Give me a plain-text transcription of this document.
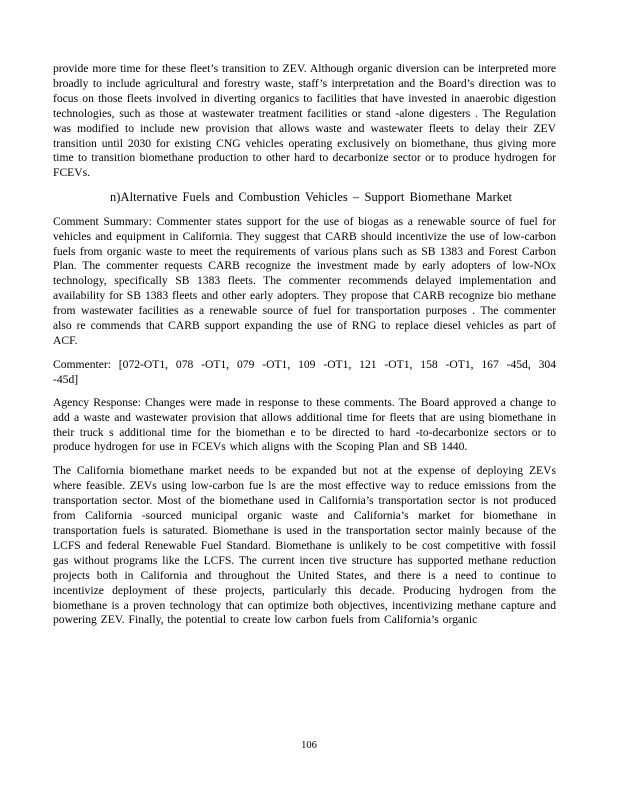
provide more time for these fleet’s transition to ZEV. Although organic diversion can be interpreted more broadly to include agricultural and forestry waste, staff’s interpretation and the Board’s direction was to focus on those fleets involved in diverting organics to facilities that have invested in anaerobic digestion technologies, such as those at wastewater treatment facilities or stand -alone digesters . The Regulation was modified to include new provision that allows waste and wastewater fleets to delay their ZEV transition until 2030 for existing CNG vehicles operating exclusively on biomethane, thus giving more time to transition biomethane production to other hard to decarbonize sector or to produce hydrogen for FCEVs.

n)Alternative Fuels and Combustion Vehicles – Support Biomethane Market

Comment Summary: Commenter states support for the use of biogas as a renewable source of fuel for vehicles and equipment in California. They suggest that CARB should incentivize the use of low-carbon fuels from organic waste to meet the requirements of various plans such as SB 1383 and Forest Carbon Plan. The commenter requests CARB recognize the investment made by early adopters of low-NOx technology, specifically SB 1383 fleets. The commenter recommends delayed implementation and availability for SB 1383 fleets and other early adopters. They propose that CARB recognize bio methane from wastewater facilities as a renewable source of fuel for transportation purposes . The commenter also re commends that CARB support expanding the use of RNG to replace diesel vehicles as part of ACF.

Commenter: [072-OT1, 078 -OT1, 079 -OT1, 109 -OT1, 121 -OT1, 158 -OT1, 167 -45d, 304 -45d]

Agency Response: Changes were made in response to these comments. The Board approved a change to add a waste and wastewater provision that allows additional time for fleets that are using biomethane in their truck s additional time for the biomethan e to be directed to hard -to-decarbonize sectors or to produce hydrogen for use in FCEVs which aligns with the Scoping Plan and SB 1440.

The California biomethane market needs to be expanded but not at the expense of deploying ZEVs where feasible. ZEVs using low-carbon fue ls are the most effective way to reduce emissions from the transportation sector. Most of the biomethane used in California’s transportation sector is not produced from California -sourced municipal organic waste and California’s market for biomethane in transportation fuels is saturated. Biomethane is used in the transportation sector mainly because of the LCFS and federal Renewable Fuel Standard. Biomethane is unlikely to be cost competitive with fossil gas without programs like the LCFS. The current incen tive structure has supported methane reduction projects both in California and throughout the United States, and there is a need to continue to incentivize deployment of these projects, particularly this decade. Producing hydrogen from the biomethane is a proven technology that can optimize both objectives, incentivizing methane capture and powering ZEV. Finally, the potential to create low carbon fuels from California’s organic

106
